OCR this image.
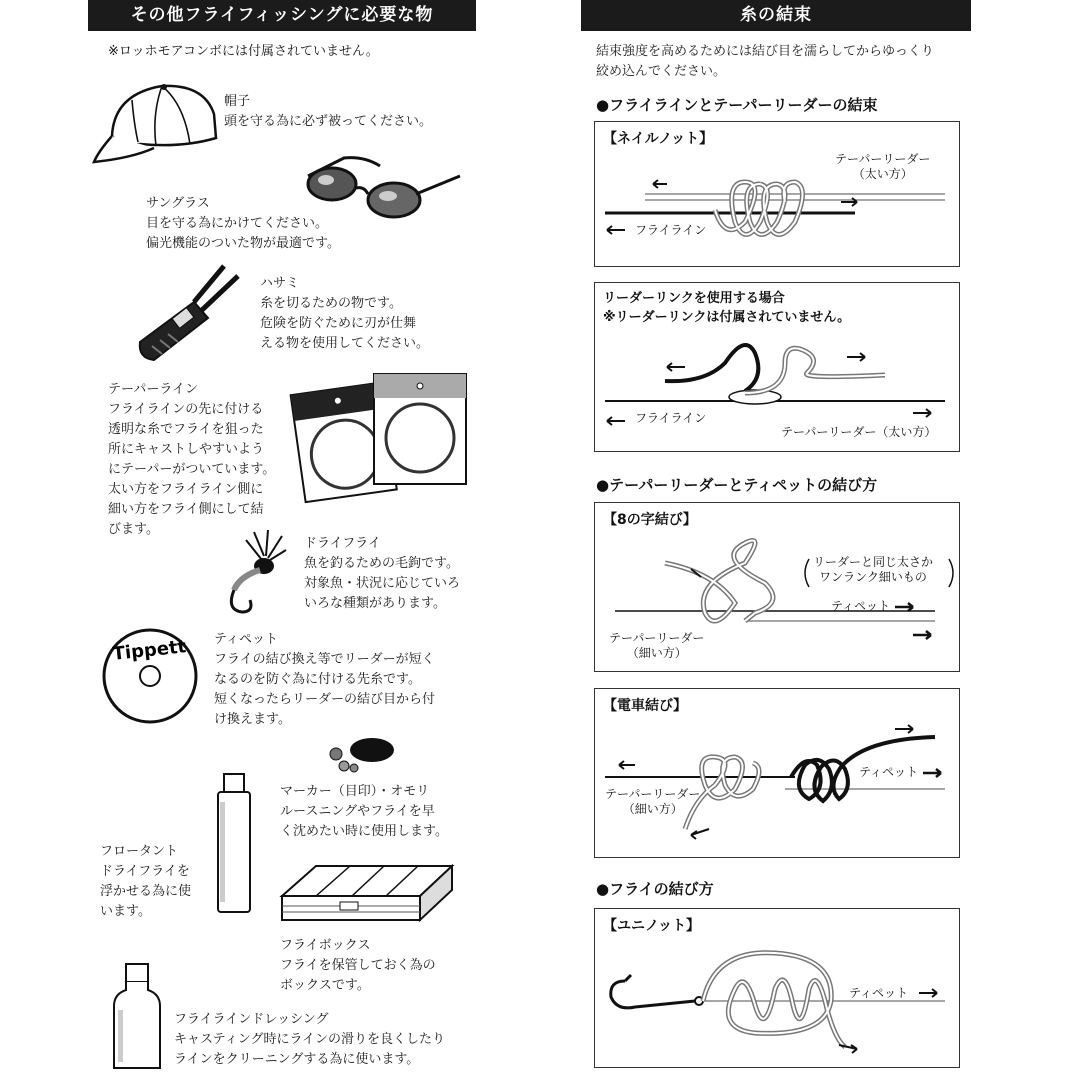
その他フライフィッシングに必要な物
※ロッホモアコンボには付属されていません。
帽子
頭を守る為に必ず被ってください。
サングラス
目を守る為にかけてください。
偏光機能のついた物が最適です。
ハサミ
糸を切るための物です。
危険を防ぐために刃が仕舞
える物を使用してください。
テーパーライン
フライラインの先に付ける
透明な糸でフライを狙った
所にキャストしやすいよう
にテーパーがついています。
太い方をフライライン側に
細い方をフライ側にして結
びます。
ドライフライ
魚を釣るための毛鉤です。
対象魚・状況に応じていろ
いろな種類があります。
Tippett ティペット
フライの結び換え等でリーダーが短く
なるのを防ぐ為に付ける先糸です。
短くなったらリーダーの結び目から付
け換えます。
マーカー（目印）・オモリ
ルースニングやフライを早
く沈めたい時に使用します。
フロータント
ドライフライを
浮かせる為に使
います。
フライボックス
フライを保管しておく為の
ボックスです。
フライラインドレッシング
キャスティング時にラインの滑りを良くしたり
ラインをクリーニングする為に使います。
糸の結束
結束強度を高めるためには結び目を濡らしてからゆっくり
絞め込んでください。
●フライラインとテーパーリーダーの結束
【ネイルノット】
テーパーリーダー
（太い方）
フライライン
リーダーリンクを使用する場合
※リーダーリンクは付属されていません。
フライライン
テーパーリーダー（太い方）
●テーパーリーダーとティペットの結び方
【8の字結び】
リーダーと同じ太さか
ワンランク細いもの
ティペット
テーパーリーダー
（細い方）
【電車結び】
ティペット
テーパーリーダー
（細い方）
●フライの結び方
【ユニノット】
ティペット
